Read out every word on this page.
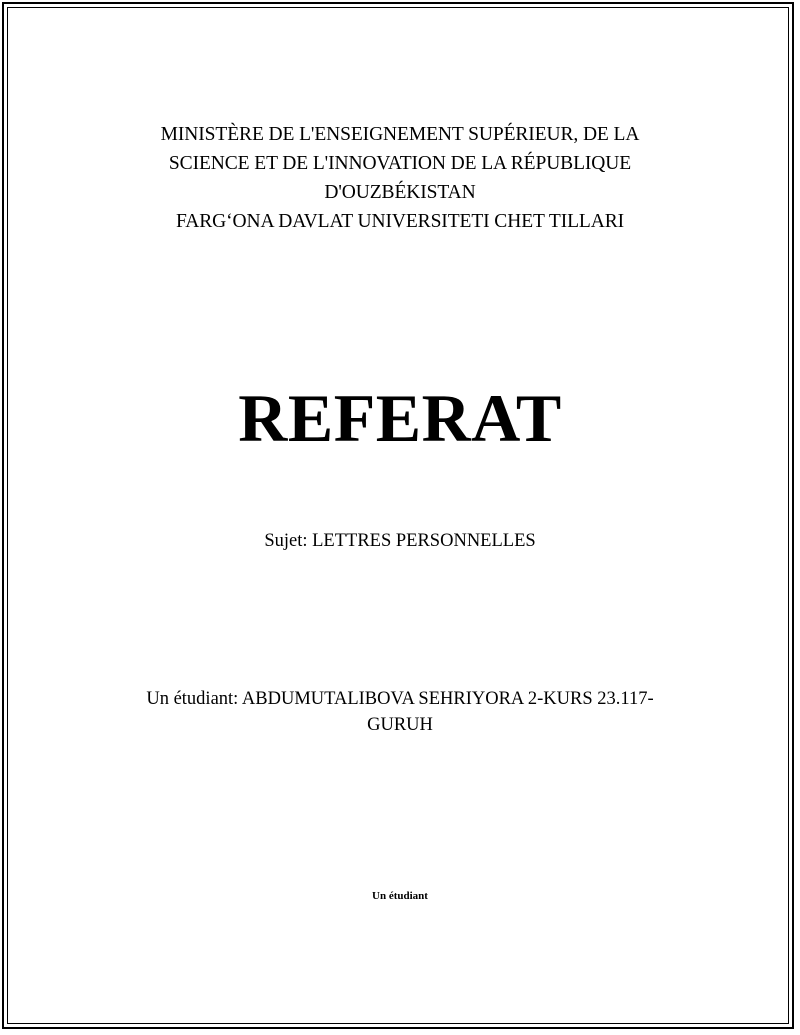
MINISTÈRE DE L'ENSEIGNEMENT SUPÉRIEUR, DE LA
SCIENCE ET DE L'INNOVATION DE LA RÉPUBLIQUE
D'OUZBÉKISTAN
FARG‘ONA DAVLAT UNIVERSITETI CHET TILLARI
REFERAT
Sujet: LETTRES PERSONNELLES
Un étudiant: ABDUMUTALIBOVA SEHRIYORA 2-KURS 23.117-
GURUH
Un étudiant
